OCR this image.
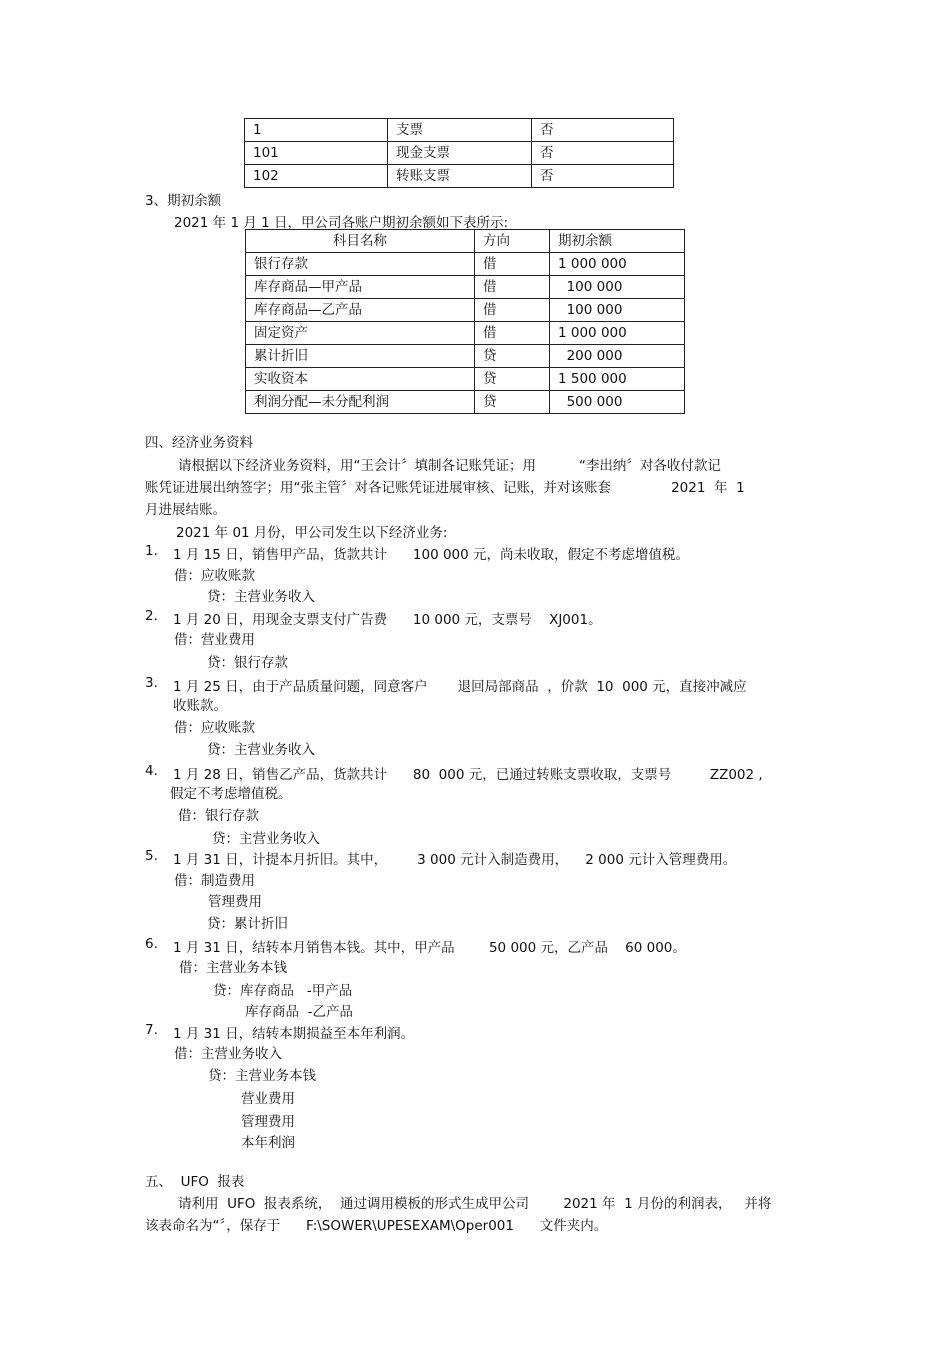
1	支票	否
101	现金支票	否
102	转账支票	否
3、期初余额
2021 年 1 月 1 日，甲公司各账户期初余额如下表所示:
科目名称	方向	期初余额
银行存款	借	1 000 000
库存商品—甲产品	借	100 000
库存商品—乙产品	借	100 000
固定资产	借	1 000 000
累计折旧	贷	200 000
实收资本	贷	1 500 000
利润分配—未分配利润	贷	500 000
四、经济业务资料
请根据以下经济业务资料，用“王会计〞填制各记账凭证；用          “李出纳〞对各收付款记
账凭证进展出纳签字；用“张主管〞对各记账凭证进展审核、记账，并对该账套              2021  年  1
月进展结账。
2021 年 01 月份，甲公司发生以下经济业务:
1. 1 月 15 日，销售甲产品，货款共计      100 000 元，尚未收取，假定不考虑增值税。
借：应收账款
贷：主营业务收入
2. 1 月 20 日，用现金支票支付广告费      10 000 元，支票号    XJ001。
借：营业费用
贷：银行存款
3. 1 月 25 日，由于产品质量问题，同意客户       退回局部商品  ，价款  10  000 元，直接冲减应
收账款。
借：应收账款
贷：主营业务收入
4. 1 月 28 日，销售乙产品，货款共计      80  000 元，已通过转账支票收取，支票号         ZZ002 ,
假定不考虑增值税。
借：银行存款
贷：主营业务收入
5. 1 月 31 日，计提本月折旧。其中，       3 000 元计入制造费用，    2 000 元计入管理费用。
借：制造费用
管理费用
贷：累计折旧
6. 1 月 31 日，结转本月销售本钱。其中，甲产品        50 000 元，乙产品    60 000。
借：主营业务本钱
贷：库存商品   -甲产品
库存商品  -乙产品
7. 1 月 31 日，结转本期损益至本年利润。
借：主营业务收入
贷：主营业务本钱
营业费用
管理费用
本年利润
五、  UFO  报表
请利用  UFO  报表系统，  通过调用模板的形式生成甲公司        2021 年  1 月份的利润表，   并将
该表命名为“〞，保存于      F:\SOWER\UPESEXAM\Oper001      文件夹内。
